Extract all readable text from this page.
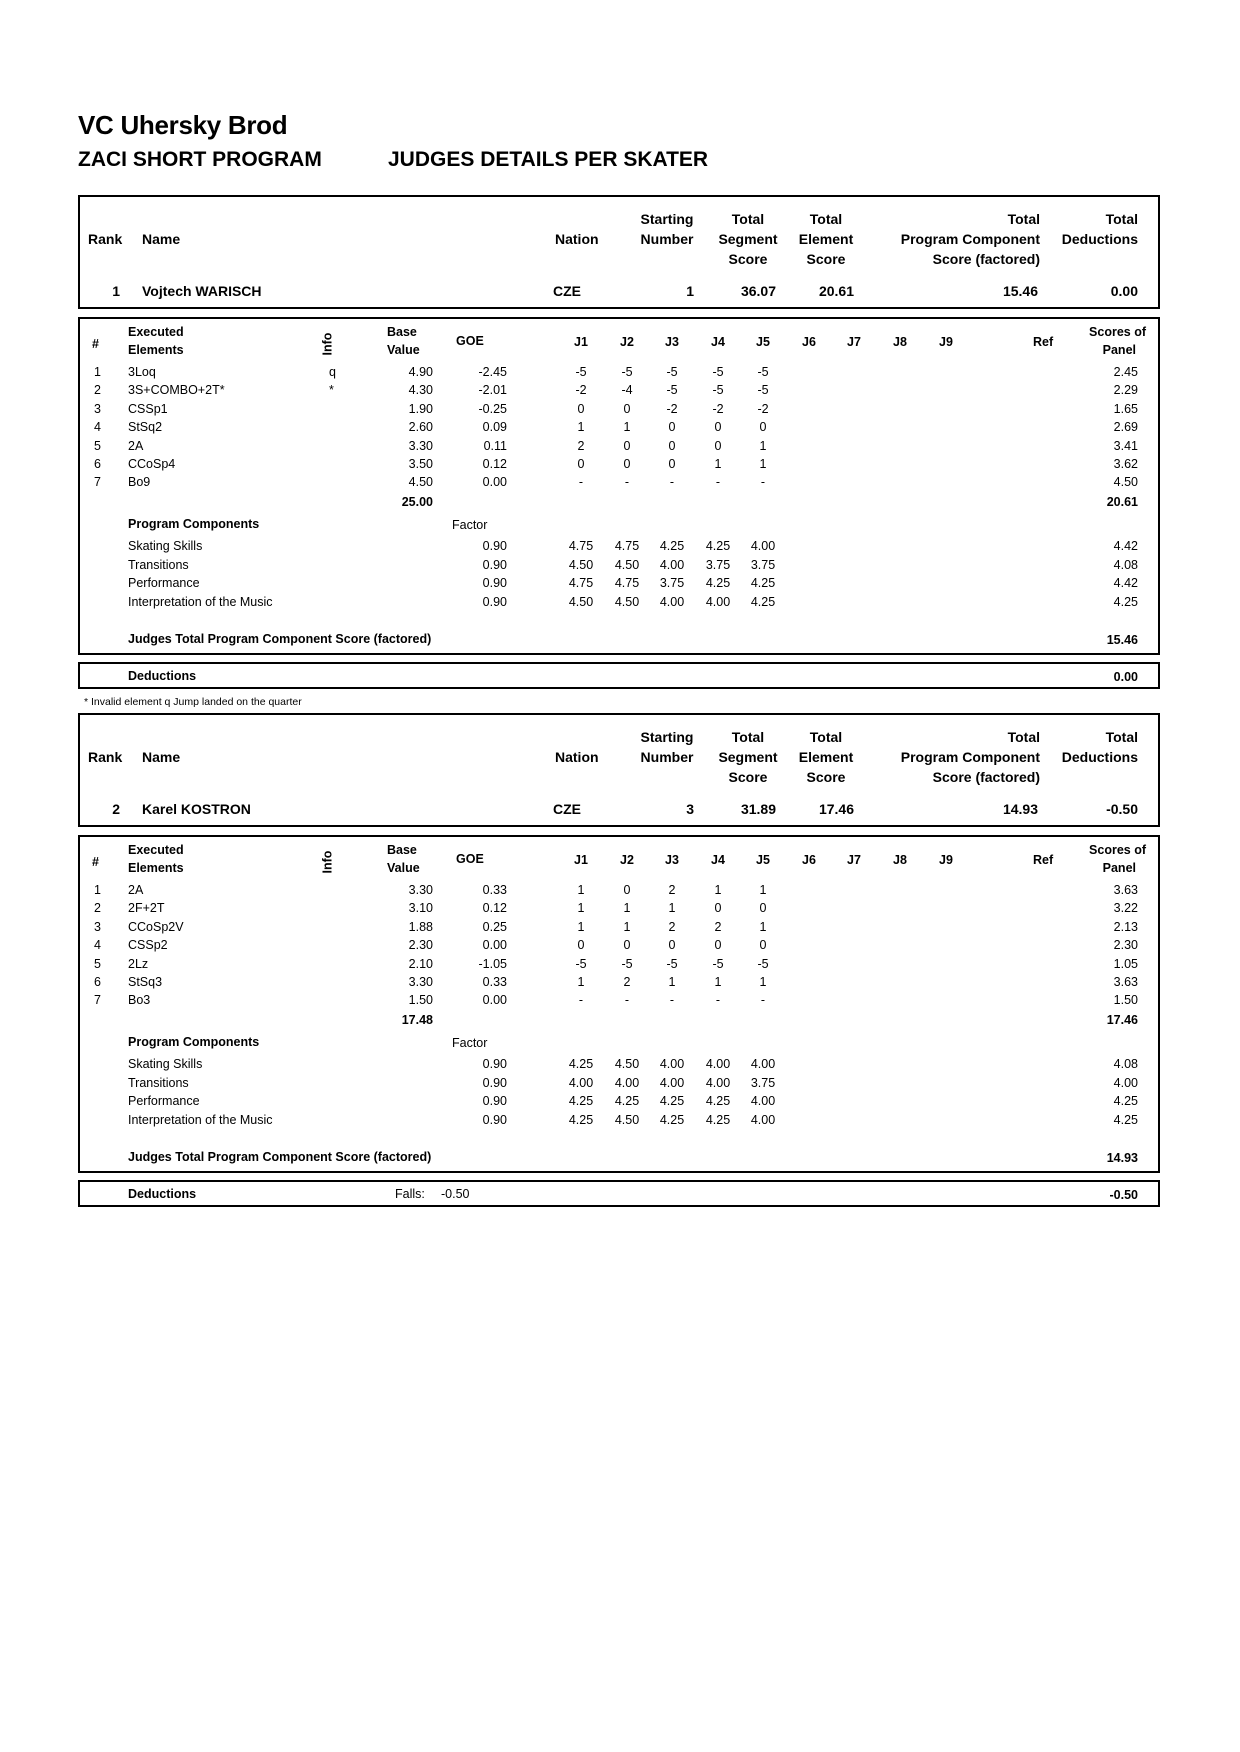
VC Uhersky Brod
ZACI SHORT PROGRAM	JUDGES DETAILS PER SKATER
Rank Name	Nation
Starting
Number
Total
Segment
Score
Total
Element
Score
Total
Program Component
Score (factored)
Total
Deductions
1 Vojtech WARISCH	CZE	1	36.07	20.61	15.46	0.00
#
Executed
Elements	Info
Base
Value
GOE	J1	J2	J3	J4	J5	J6	J7	J8	J9	Ref
Scores of
Panel
1 3Loq	q	4.90	-2.45	-5	-5	-5	-5	-5	2.45
2 3S+COMBO+2T*	*	4.30	-2.01	-2	-4	-5	-5	-5	2.29
3 CSSp1	1.90	-0.25	0	0	-2	-2	-2	1.65
4 StSq2	2.60	0.09	1	1	0	0	0	2.69
5 2A	3.30	0.11	2	0	0	0	1	3.41
6 CCoSp4	3.50	0.12	0	0	0	1	1	3.62
7 Bo9	4.50	0.00	-	-	-	-	-	4.50
25.00	20.61
Program Components	Factor
Skating Skills	0.90	4.75	4.75	4.25	4.25	4.00	4.42
Transitions	0.90	4.50	4.50	4.00	3.75	3.75	4.08
Performance	0.90	4.75	4.75	3.75	4.25	4.25	4.42
Interpretation of the Music	0.90	4.50	4.50	4.00	4.00	4.25	4.25
Judges Total Program Component Score (factored)	15.46
Deductions	0.00
* Invalid element q Jump landed on the quarter
Rank Name	Nation
Starting
Number
Total
Segment
Score
Total
Element
Score
Total
Program Component
Score (factored)
Total
Deductions
2 Karel KOSTRON	CZE	3	31.89	17.46	14.93	-0.50
#
Executed
Elements	Info
Base
Value
GOE	J1	J2	J3	J4	J5	J6	J7	J8	J9	Ref
Scores of
Panel
1 2A	3.30	0.33	1	0	2	1	1	3.63
2 2F+2T	3.10	0.12	1	1	1	0	0	3.22
3 CCoSp2V	1.88	0.25	1	1	2	2	1	2.13
4 CSSp2	2.30	0.00	0	0	0	0	0	2.30
5 2Lz	2.10	-1.05	-5	-5	-5	-5	-5	1.05
6 StSq3	3.30	0.33	1	2	1	1	1	3.63
7 Bo3	1.50	0.00	-	-	-	-	-	1.50
17.48	17.46
Program Components	Factor
Skating Skills	0.90	4.25	4.50	4.00	4.00	4.00	4.08
Transitions	0.90	4.00	4.00	4.00	4.00	3.75	4.00
Performance	0.90	4.25	4.25	4.25	4.25	4.00	4.25
Interpretation of the Music	0.90	4.25	4.50	4.25	4.25	4.00	4.25
Judges Total Program Component Score (factored)	14.93
Deductions	Falls: -0.50	-0.50
